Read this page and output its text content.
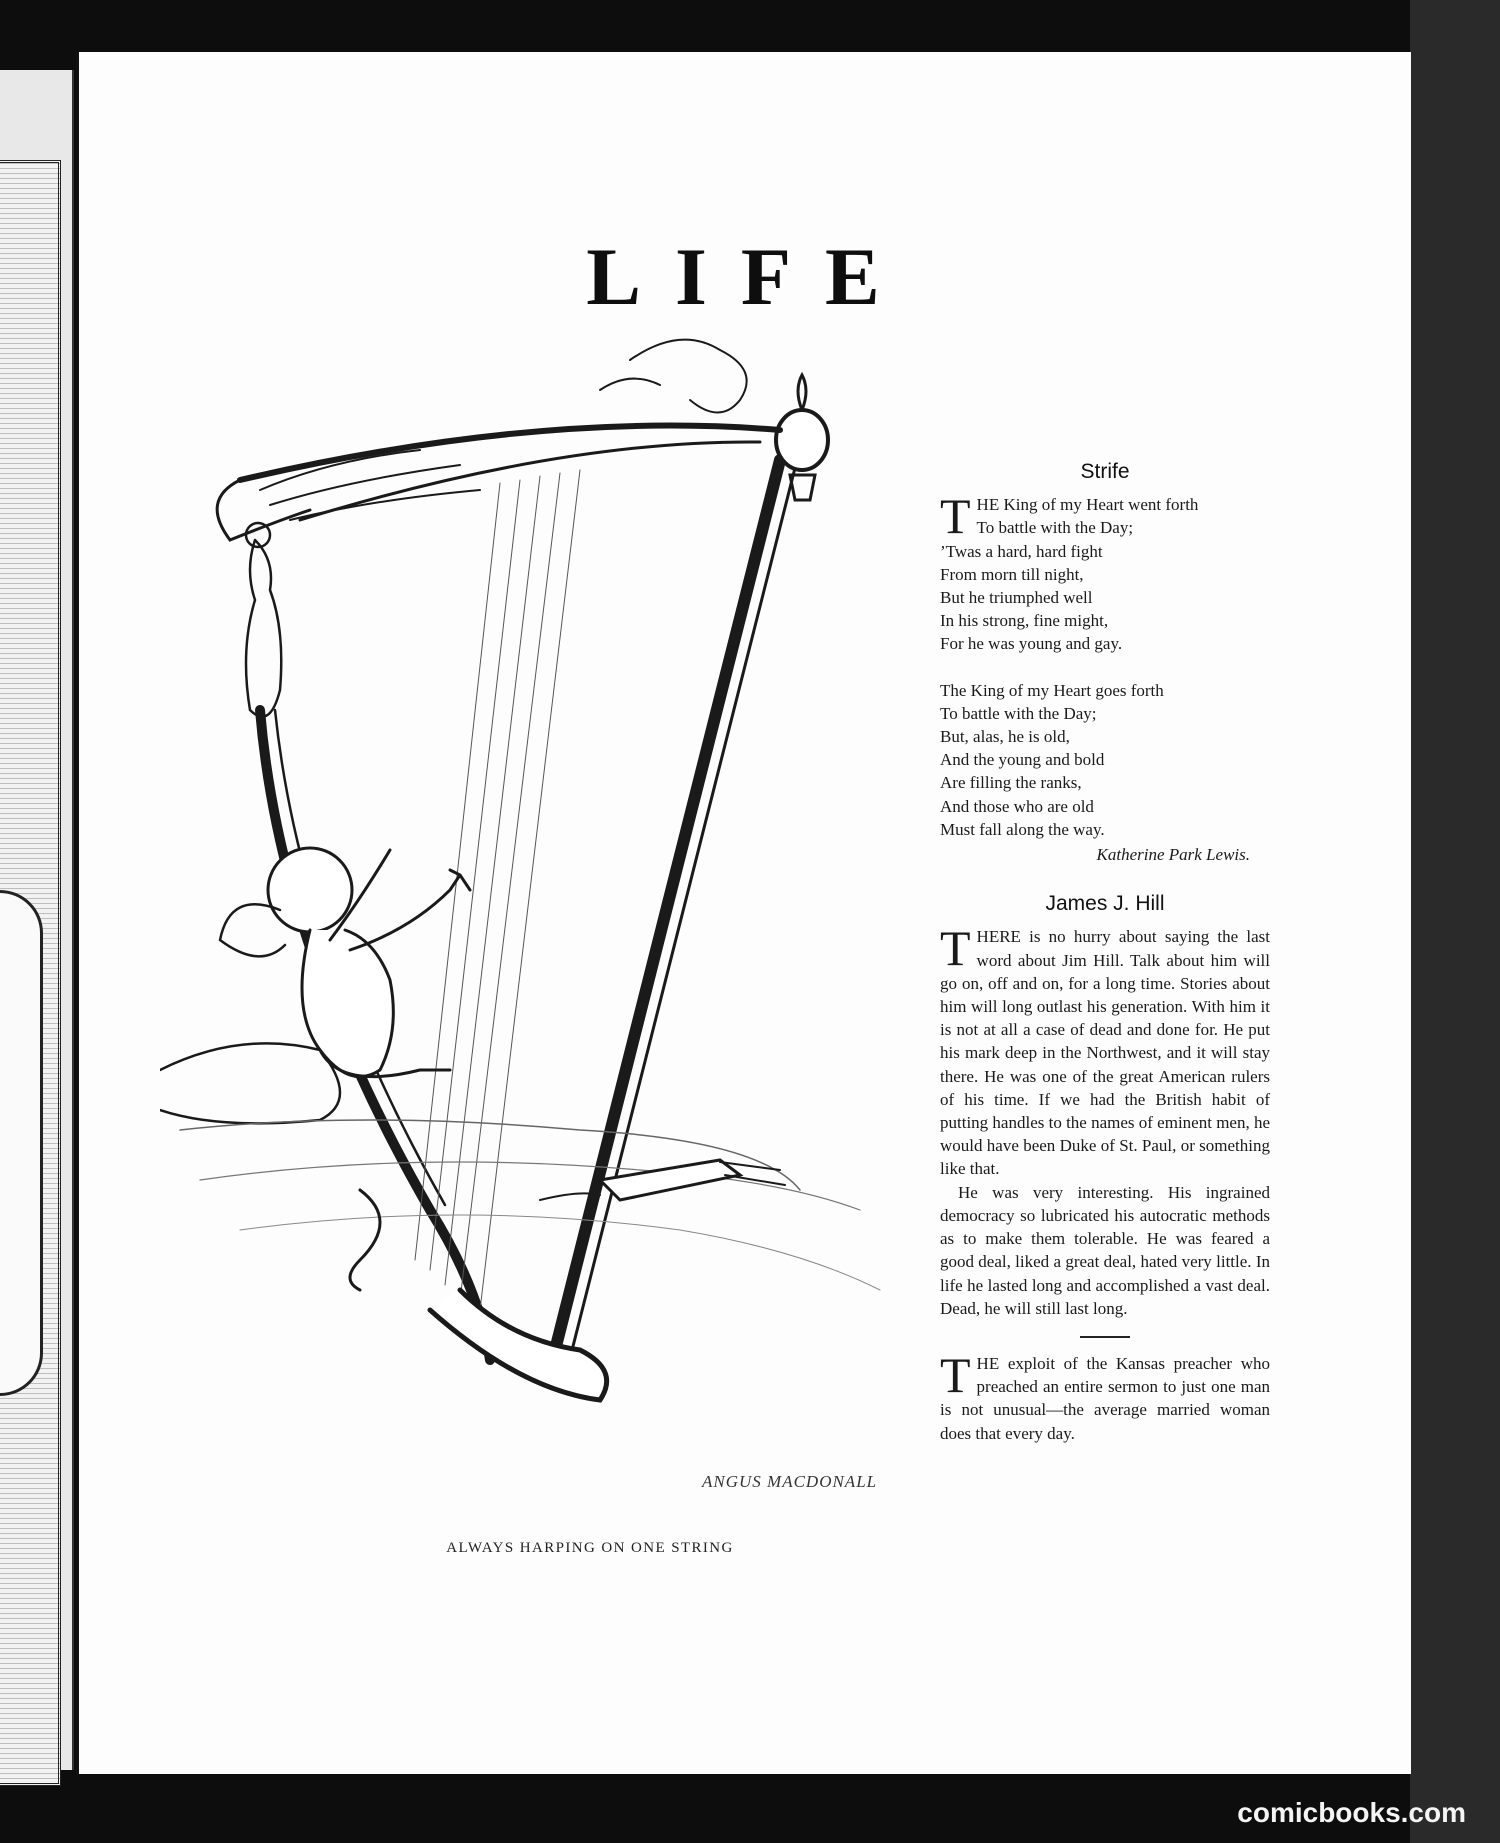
LIFE
ANGUS MACDONALL
ALWAYS HARPING ON ONE STRING
Strife
T HE King of my Heart went forth
To battle with the Day;
’Twas a hard, hard fight
From morn till night,
But he triumphed well
In his strong, fine might,
For he was young and gay.
The King of my Heart goes forth
To battle with the Day;
But, alas, he is old,
And the young and bold
Are filling the ranks,
And those who are old
Must fall along the way.
Katherine Park Lewis.
James J. Hill

THERE is no hurry about saying the last word about Jim Hill. Talk about him will go on, off and on, for a long time. Stories about him will long outlast his generation. With him it is not at all a case of dead and done for. He put his mark deep in the Northwest, and it will stay there. He was one of the great American rulers of his time. If we had the British habit of putting handles to the names of eminent men, he would have been Duke of St. Paul, or something like that.

He was very interesting. His ingrained democracy so lubricated his autocratic methods as to make them tolerable. He was feared a good deal, liked a great deal, hated very little. In life he lasted long and accomplished a vast deal. Dead, he will still last long.

THE exploit of the Kansas preacher who preached an entire sermon to just one man is not unusual—the average married woman does that every day.

comicbooks.com
